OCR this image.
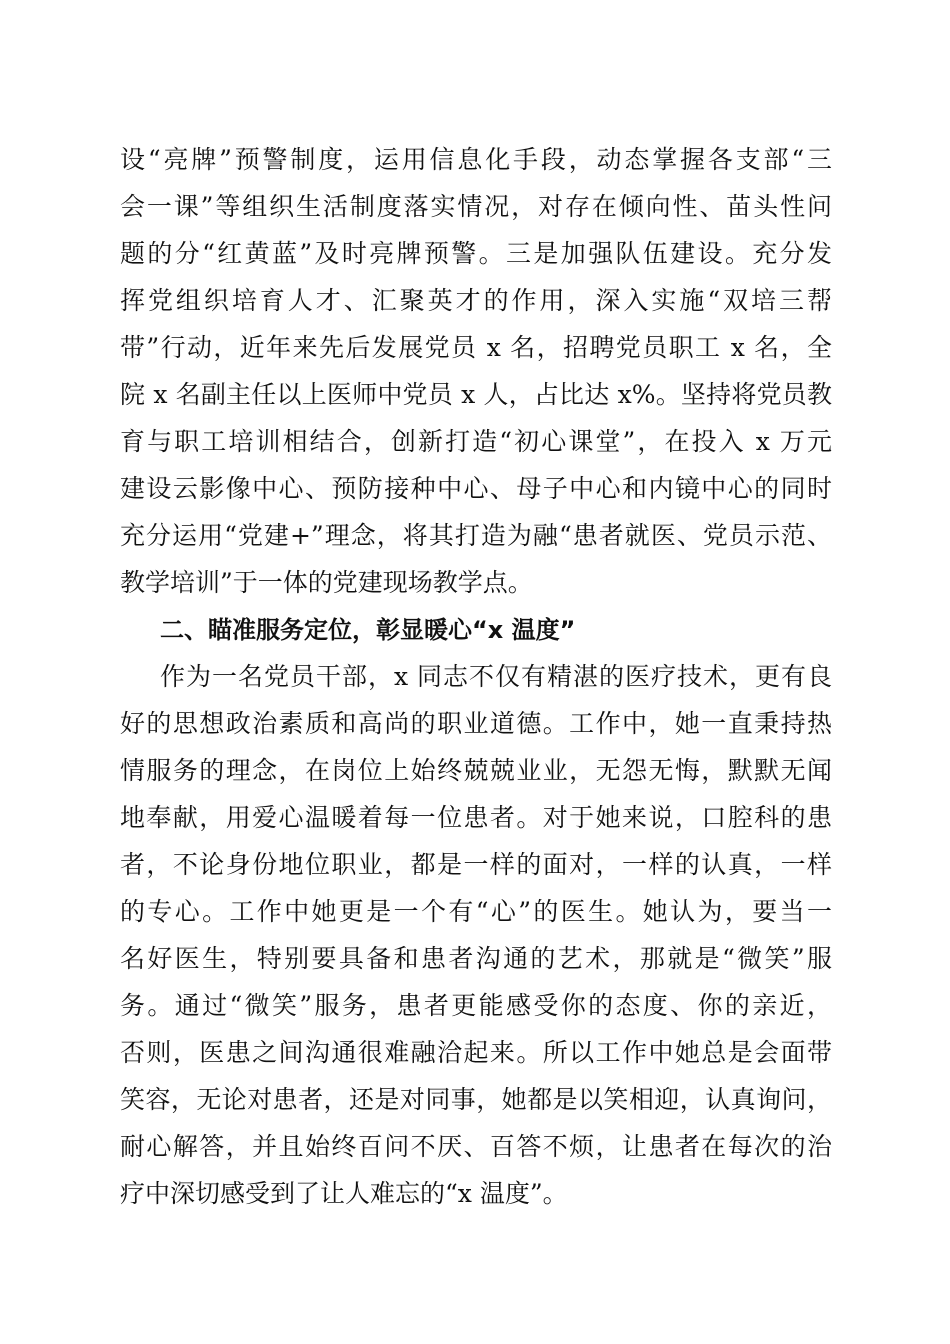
设“亮牌”预警制度，运用信息化手段，动态掌握各支部“三
会一课”等组织生活制度落实情况，对存在倾向性、苗头性问
题的分“红黄蓝”及时亮牌预警。三是加强队伍建设。充分发
挥党组织培育人才、汇聚英才的作用，深入实施“双培三帮
带”行动，近年来先后发展党员 x 名，招聘党员职工 x 名，全
院 x 名副主任以上医师中党员 x 人，占比达 x%。坚持将党员教
育与职工培训相结合，创新打造“初心课堂”，在投入 x 万元
建设云影像中心、预防接种中心、母子中心和内镜中心的同时
充分运用“党建+”理念，将其打造为融“患者就医、党员示范、
教学培训”于一体的党建现场教学点。
二、瞄准服务定位，彰显暖心“x 温度”
作为一名党员干部，x 同志不仅有精湛的医疗技术，更有良
好的思想政治素质和高尚的职业道德。工作中，她一直秉持热
情服务的理念，在岗位上始终兢兢业业，无怨无悔，默默无闻
地奉献，用爱心温暖着每一位患者。对于她来说，口腔科的患
者，不论身份地位职业，都是一样的面对，一样的认真，一样
的专心。工作中她更是一个有“心”的医生。她认为，要当一
名好医生，特别要具备和患者沟通的艺术，那就是“微笑”服
务。通过“微笑”服务，患者更能感受你的态度、你的亲近，
否则，医患之间沟通很难融洽起来。所以工作中她总是会面带
笑容，无论对患者，还是对同事，她都是以笑相迎，认真询问，
耐心解答，并且始终百问不厌、百答不烦，让患者在每次的治
疗中深切感受到了让人难忘的“x 温度”。
